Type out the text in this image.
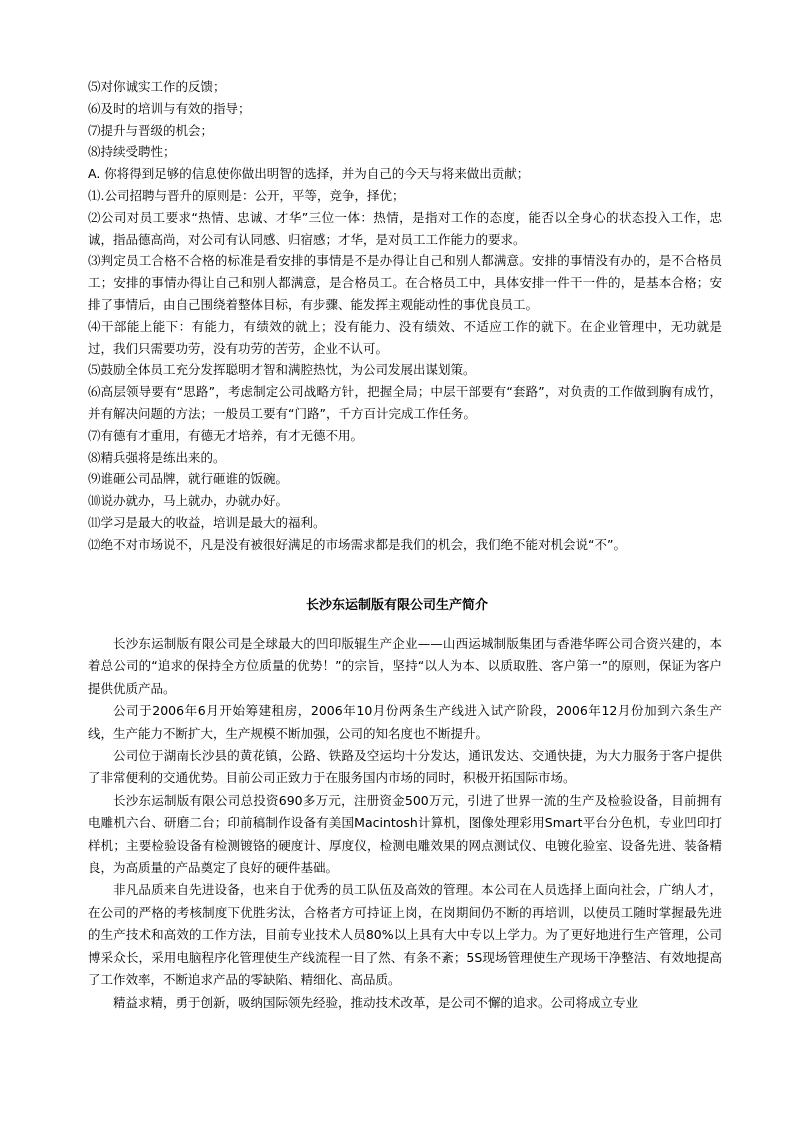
⑸对你诚实工作的反馈；

⑹及时的培训与有效的指导；

⑺提升与晋级的机会；

⑻持续受聘性；

A. 你将得到足够的信息使你做出明智的选择，并为自己的今天与将来做出贡献；

⑴.公司招聘与晋升的原则是：公开，平等，竞争，择优；

⑵公司对员工要求“热情、忠诚、才华”三位一体：热情，是指对工作的态度，能否以全身心的状态投入工作，忠诚，指品德高尚，对公司有认同感、归宿感；才华，是对员工工作能力的要求。

⑶判定员工合格不合格的标准是看安排的事情是不是办得让自己和别人都满意。安排的事情没有办的，是不合格员工；安排的事情办得让自己和别人都满意，是合格员工。在合格员工中，具体安排一件干一件的，是基本合格；安排了事情后，由自己围绕着整体目标，有步骤、能发挥主观能动性的事优良员工。

⑷干部能上能下：有能力，有绩效的就上；没有能力、没有绩效、不适应工作的就下。在企业管理中，无功就是过，我们只需要功劳，没有功劳的苦劳，企业不认可。

⑸鼓励全体员工充分发挥聪明才智和满腔热忱，为公司发展出谋划策。

⑹高层领导要有“思路”，考虑制定公司战略方针，把握全局；中层干部要有“套路”，对负责的工作做到胸有成竹，并有解决问题的方法；一般员工要有“门路”，千方百计完成工作任务。

⑺有德有才重用，有德无才培养，有才无德不用。

⑻精兵强将是练出来的。

⑼谁砸公司品牌，就行砸谁的饭碗。

⑽说办就办，马上就办，办就办好。

⑾学习是最大的收益，培训是最大的福利。

⑿绝不对市场说不，凡是没有被很好满足的市场需求都是我们的机会，我们绝不能对机会说“不”。

长沙东运制版有限公司生产简介

长沙东运制版有限公司是全球最大的凹印版辊生产企业——山西运城制版集团与香港华晖公司合资兴建的，本着总公司的“追求的保持全方位质量的优势！”的宗旨，坚持“以人为本、以质取胜、客户第一”的原则，保证为客户提供优质产品。

公司于2006年6月开始筹建租房，2006年10月份两条生产线进入试产阶段，2006年12月份加到六条生产线，生产能力不断扩大，生产规模不断加强，公司的知名度也不断提升。

公司位于湖南长沙县的黄花镇，公路、铁路及空运均十分发达，通讯发达、交通快捷，为大力服务于客户提供了非常便利的交通优势。目前公司正致力于在服务国内市场的同时，积极开拓国际市场。

长沙东运制版有限公司总投资690多万元，注册资金500万元，引进了世界一流的生产及检验设备，目前拥有电雕机六台、研磨二台；印前稿制作设备有美国Macintosh计算机，图像处理彩用Smart平台分色机，专业凹印打样机；主要检验设备有检测镀铬的硬度计、厚度仪，检测电雕效果的网点测试仪、电镀化验室、设备先进、装备精良，为高质量的产品奠定了良好的硬件基础。

非凡品质来自先进设备，也来自于优秀的员工队伍及高效的管理。本公司在人员选择上面向社会，广纳人才，在公司的严格的考核制度下优胜劣汰，合格者方可持证上岗，在岗期间仍不断的再培训，以使员工随时掌握最先进的生产技术和高效的工作方法，目前专业技术人员80%以上具有大中专以上学力。为了更好地进行生产管理，公司博采众长，采用电脑程序化管理使生产线流程一目了然、有条不紊；5S现场管理使生产现场干净整洁、有效地提高了工作效率，不断追求产品的零缺陷、精细化、高品质。

精益求精，勇于创新，吸纳国际领先经验，推动技术改革，是公司不懈的追求。公司将成立专业
